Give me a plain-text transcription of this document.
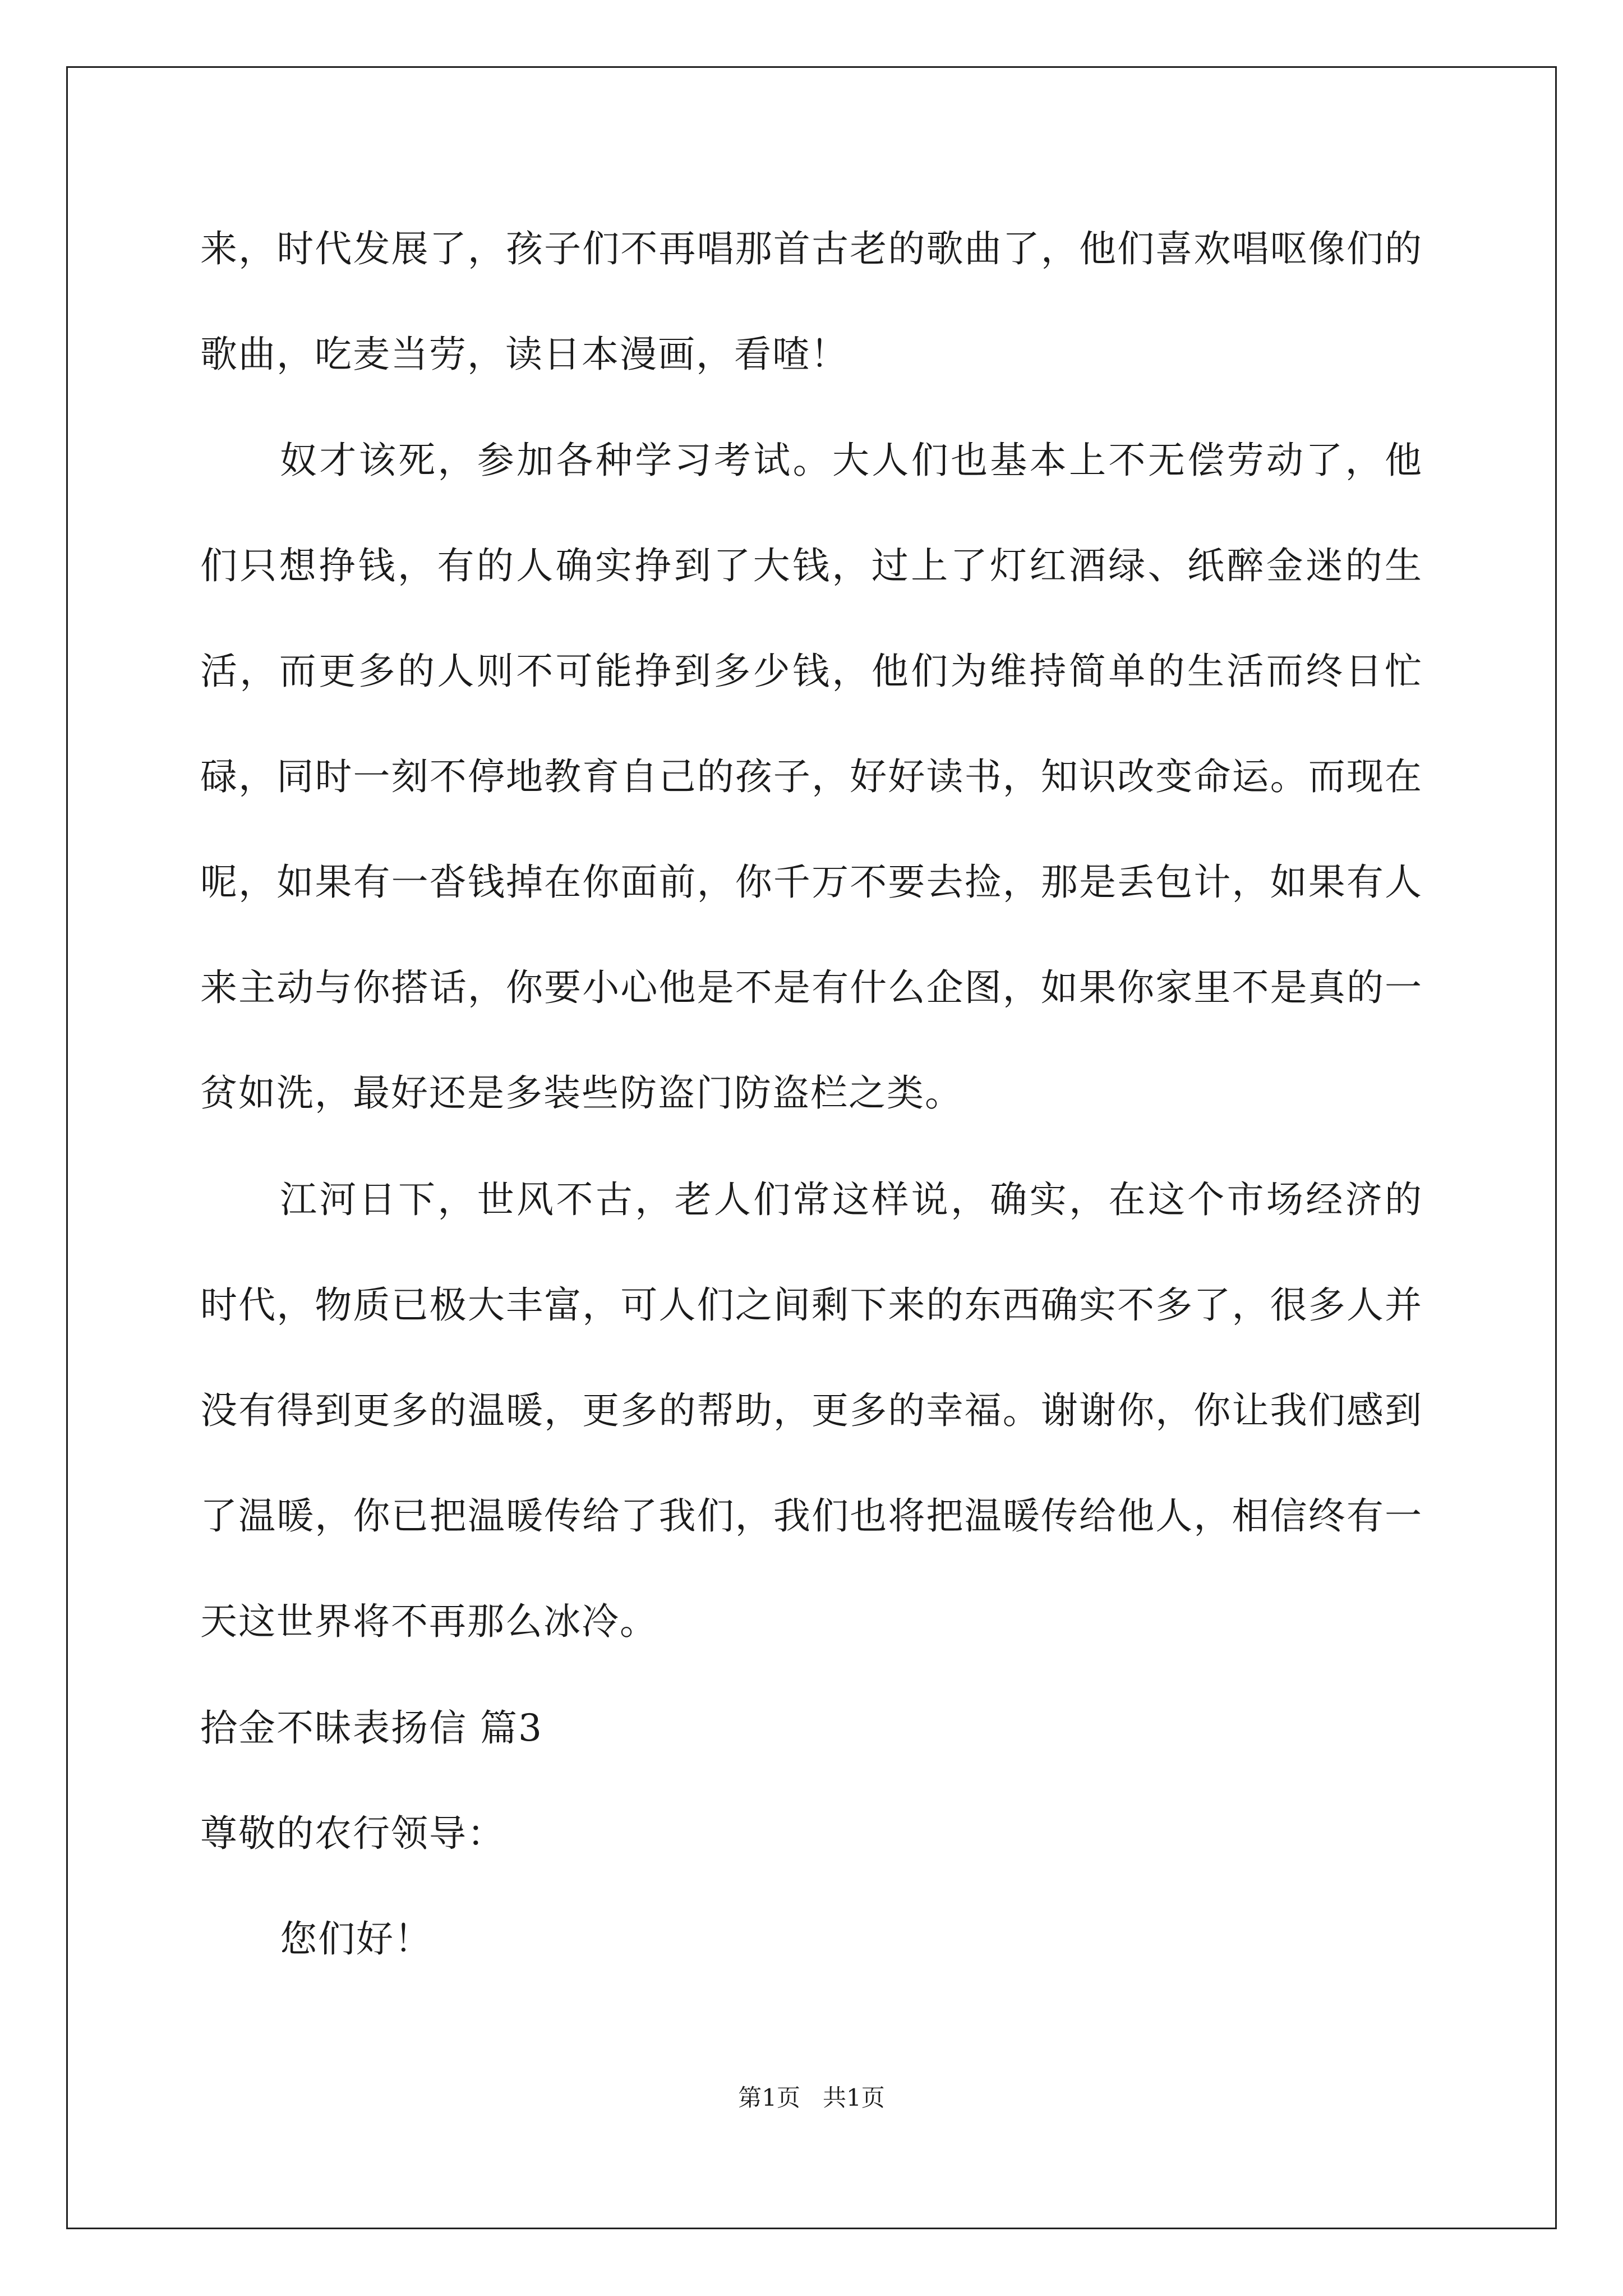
来，时代发展了，孩子们不再唱那首古老的歌曲了，他们喜欢唱呕像们的歌曲，吃麦当劳，读日本漫画，看喳！

奴才该死，参加各种学习考试。大人们也基本上不无偿劳动了，他们只想挣钱，有的人确实挣到了大钱，过上了灯红酒绿、纸醉金迷的生活，而更多的人则不可能挣到多少钱，他们为维持简单的生活而终日忙碌，同时一刻不停地教育自己的孩子，好好读书，知识改变命运。而现在呢，如果有一沓钱掉在你面前，你千万不要去捡，那是丢包计，如果有人来主动与你搭话，你要小心他是不是有什么企图，如果你家里不是真的一贫如洗，最好还是多装些防盗门防盗栏之类。

江河日下，世风不古，老人们常这样说，确实，在这个市场经济的时代，物质已极大丰富，可人们之间剩下来的东西确实不多了，很多人并没有得到更多的温暖，更多的帮助，更多的幸福。谢谢你，你让我们感到了温暖，你已把温暖传给了我们，我们也将把温暖传给他人，相信终有一天这世界将不再那么冰冷。

拾金不昧表扬信 篇3

尊敬的农行领导：

您们好！

第1页   共1页
